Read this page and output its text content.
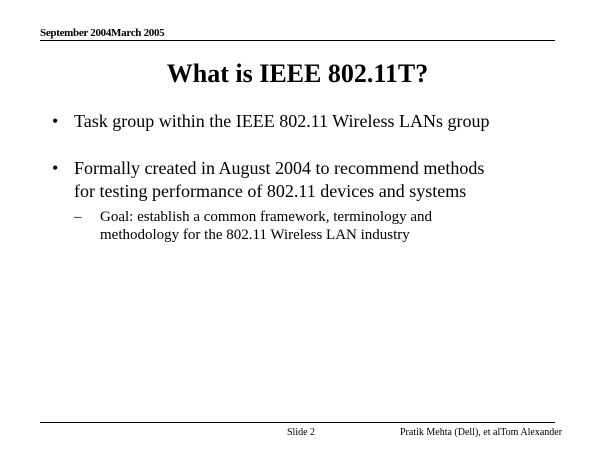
September 2004March 2005
What is IEEE 802.11T?
• Task group within the IEEE 802.11 Wireless LANs group
• Formally created in August 2004 to recommend methods
for testing performance of 802.11 devices and systems
– Goal: establish a common framework, terminology and
methodology for the 802.11 Wireless LAN industry
Slide 2	Pratik Mehta (Dell), et alTom Alexander
